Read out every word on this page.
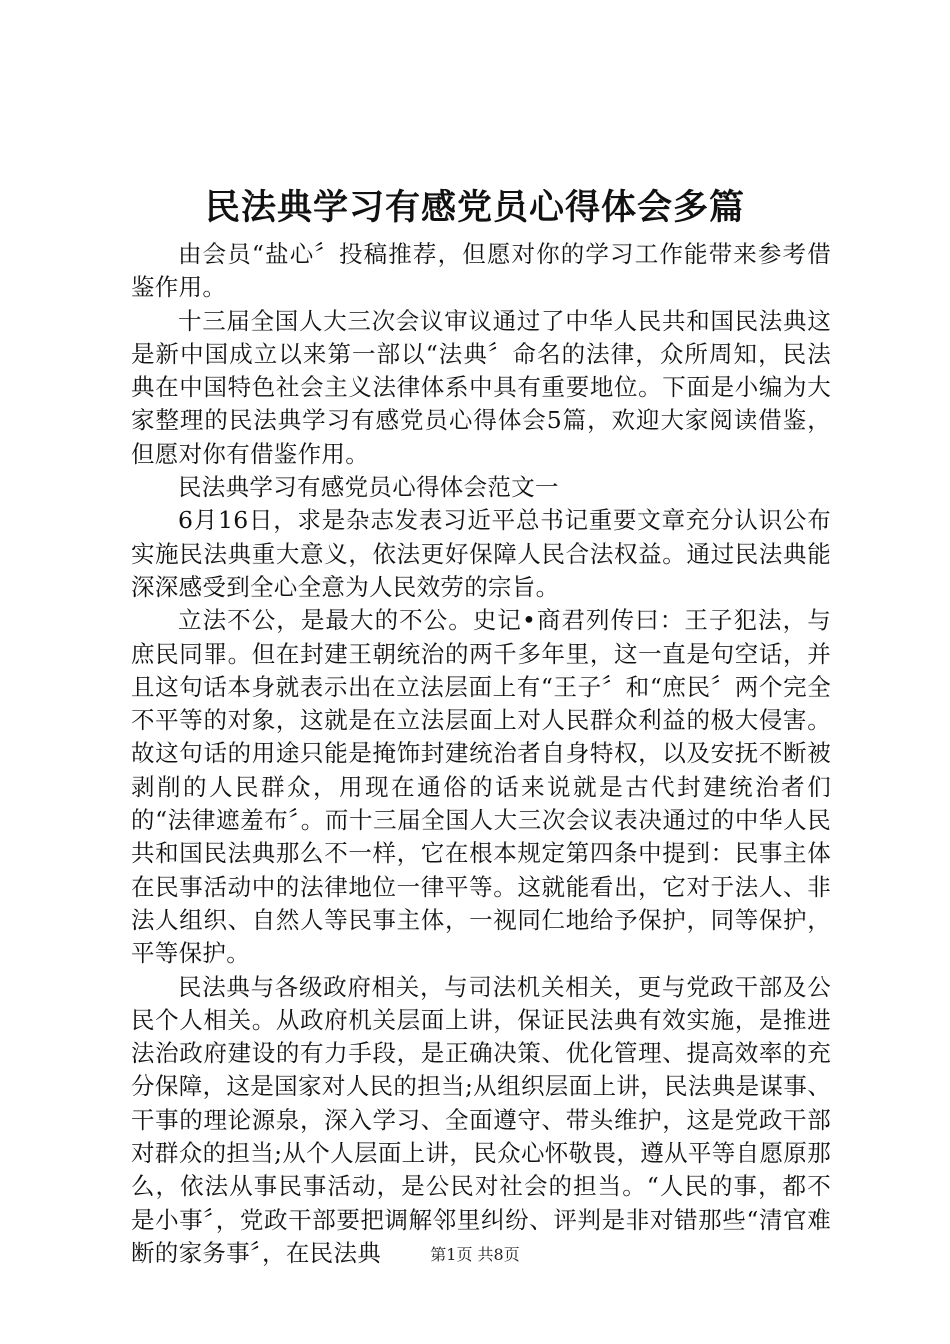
民法典学习有感党员心得体会多篇

由会员“盐心〞投稿推荐，但愿对你的学习工作能带来参考借鉴作用。

十三届全国人大三次会议审议通过了中华人民共和国民法典这是新中国成立以来第一部以“法典〞命名的法律，众所周知，民法典在中国特色社会主义法律体系中具有重要地位。下面是小编为大家整理的民法典学习有感党员心得体会5篇，欢迎大家阅读借鉴，但愿对你有借鉴作用。

民法典学习有感党员心得体会范文一

6月16日，求是杂志发表习近平总书记重要文章充分认识公布实施民法典重大意义，依法更好保障人民合法权益。通过民法典能深深感受到全心全意为人民效劳的宗旨。

立法不公，是最大的不公。史记•商君列传曰：王子犯法，与庶民同罪。但在封建王朝统治的两千多年里，这一直是句空话，并且这句话本身就表示出在立法层面上有“王子〞和“庶民〞两个完全不平等的对象，这就是在立法层面上对人民群众利益的极大侵害。故这句话的用途只能是掩饰封建统治者自身特权，以及安抚不断被剥削的人民群众，用现在通俗的话来说就是古代封建统治者们的“法律遮羞布〞。而十三届全国人大三次会议表决通过的中华人民共和国民法典那么不一样，它在根本规定第四条中提到：民事主体在民事活动中的法律地位一律平等。这就能看出，它对于法人、非法人组织、自然人等民事主体，一视同仁地给予保护，同等保护，平等保护。

民法典与各级政府相关，与司法机关相关，更与党政干部及公民个人相关。从政府机关层面上讲，保证民法典有效实施，是推进法治政府建设的有力手段，是正确决策、优化管理、提高效率的充分保障，这是国家对人民的担当;从组织层面上讲，民法典是谋事、干事的理论源泉，深入学习、全面遵守、带头维护，这是党政干部对群众的担当;从个人层面上讲，民众心怀敬畏，遵从平等自愿原那么，依法从事民事活动，是公民对社会的担当。“人民的事，都不是小事〞，党政干部要把调解邻里纠纷、评判是非对错那些“清官难断的家务事〞，在民法典	第1页 共8页
